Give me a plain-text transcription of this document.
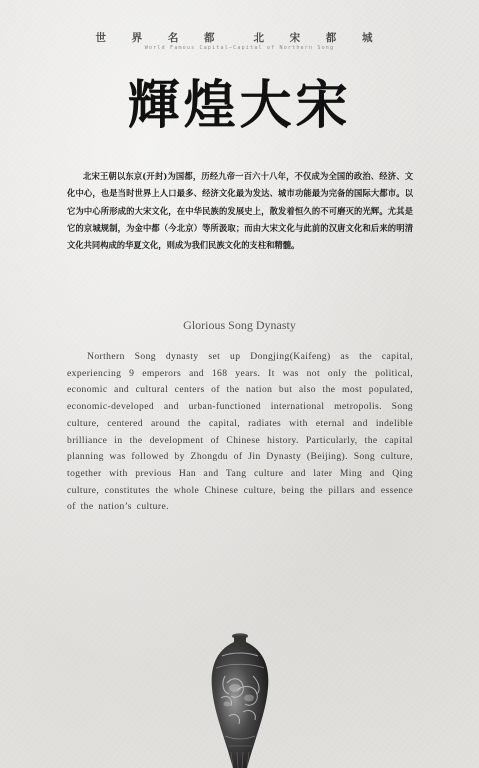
世 界 名 都	北 宋 都 城
World Famous Capital—Capital of Northern Song
輝煌大宋

北宋王朝以东京(开封)为国都，历经九帝一百六十八年，不仅成为全国的政治、经济、文化中心，也是当时世界上人口最多、经济文化最为发达、城市功能最为完备的国际大都市。以它为中心所形成的大宋文化，在中华民族的发展史上，散发着恒久的不可磨灭的光辉。尤其是它的京城规制，为金中都（今北京）等所汲取；而由大宋文化与此前的汉唐文化和后来的明清文化共同构成的华夏文化，则成为我们民族文化的支柱和精髓。

Glorious Song Dynasty

Northern Song dynasty set up Dongjing(Kaifeng) as the capital, experiencing 9 emperors and 168 years. It was not only the political, economic and cultural centers of the nation but also the most populated, economic-developed and urban-functioned international metropolis. Song culture, centered around the capital, radiates with eternal and indelible brilliance in the development of Chinese history. Particularly, the capital planning was followed by Zhongdu of Jin Dynasty (Beijing). Song culture, together with previous Han and Tang culture and later Ming and Qing culture, constitutes the whole Chinese culture, being the pillars and essence of the nation’s culture.
